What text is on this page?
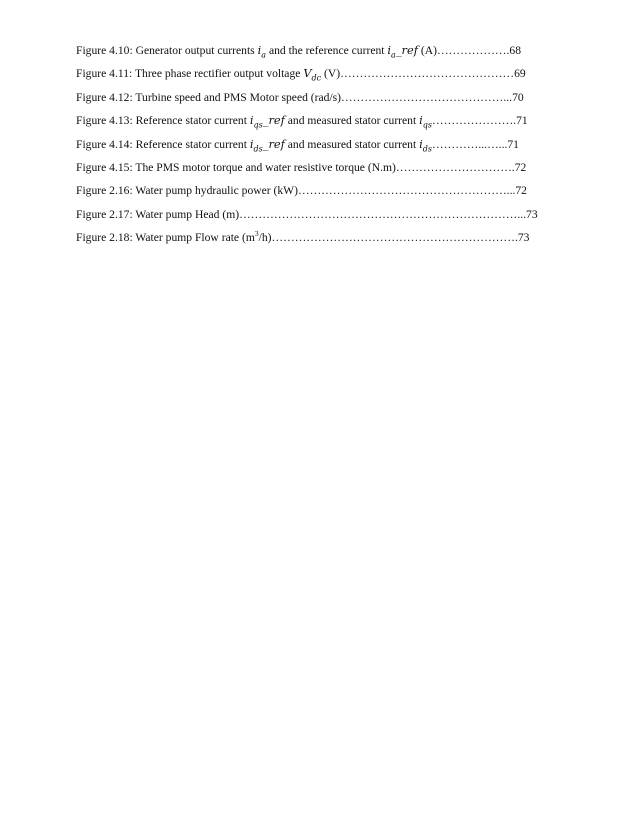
Figure 4.10: Generator output currents $i_a$ and the reference current $i_a\_ref$ (A)……………….68
Figure 4.11: Three phase rectifier output voltage $V_{dc}$ (V)………………………………………69
Figure 4.12: Turbine speed and PMS Motor speed (rad/s)……………………………………...70
Figure 4.13: Reference stator current $i_{qs}\_ref$ and measured stator current $i_{qs}\dots\dots\dots\dots\dots\dots\dots.71$
Figure 4.14: Reference stator current $i_{ds}\_ref$ and measured stator current $i_{ds}\dots\dots\dots\dots...\dots...71$
Figure 4.15: The PMS motor torque and water resistive torque (N.m)………………………….72
Figure 2.16: Water pump hydraulic power (kW)………………………………………………...72
Figure 2.17: Water pump Head (m)………………………………………………………………...73
Figure 2.18: Water pump Flow rate $(m^3/h)\dots\dots\dots\dots\dots\dots\dots\dots\dots\dots\dots\dots\dots\dots\dots\dots\dots\dots\dots\dots\dots.73$
